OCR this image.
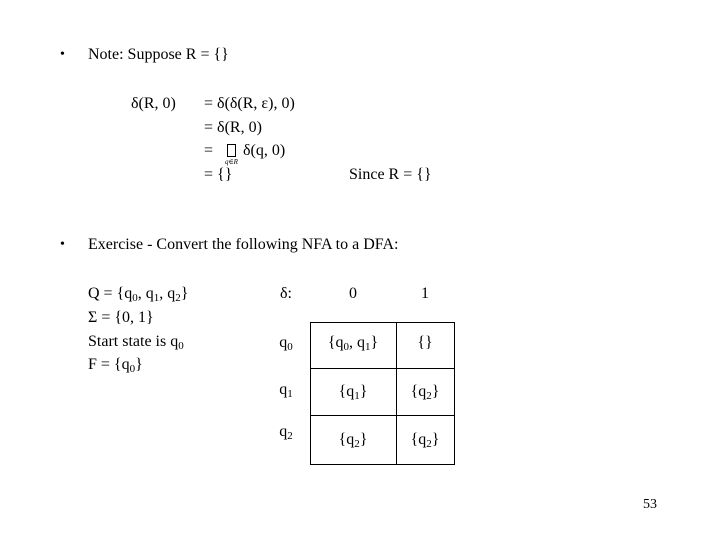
• Note: Suppose R = {}
δ(R, 0) = δ(δ(R, ε), 0)
= δ(R, 0)
=
q∈R
δ(q, 0)
= {}	Since R = {}
• Exercise - Convert the following NFA to a DFA:
$Q = \{q_0$, $q_1$, $q_2$}
Σ = {0, 1}
Start state is $q_0$
$F = \{q_0\}$
δ:	0	1
$q_0$	{$q_0$, $q_1$}	{}
$q_1$	$\{q_1\}$	$\{q_2\}$
$q_2$	$\{q_2\}$	$\{q_2\}$
53
